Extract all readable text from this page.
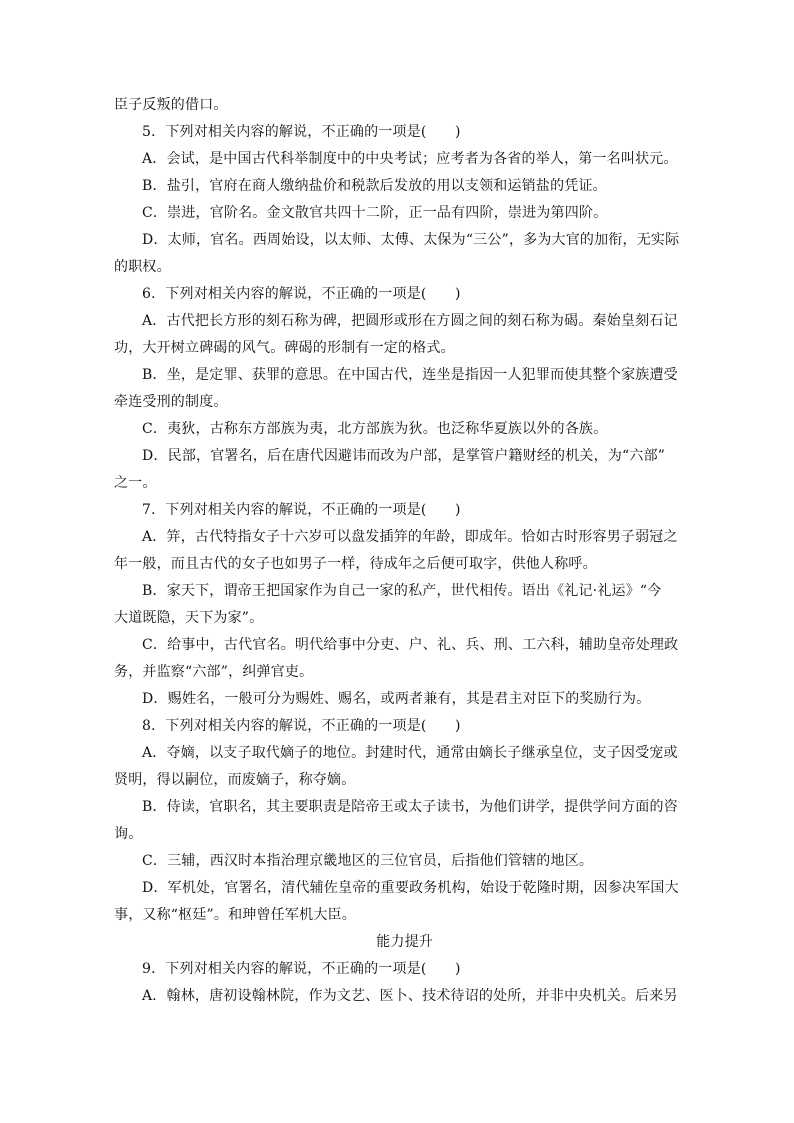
臣子反叛的借口。
5．下列对相关内容的解说，不正确的一项是(　　)
A．会试，是中国古代科举制度中的中央考试；应考者为各省的举人，第一名叫状元。
B．盐引，官府在商人缴纳盐价和税款后发放的用以支领和运销盐的凭证。
C．崇进，官阶名。金文散官共四十二阶，正一品有四阶，崇进为第四阶。
D．太师，官名。西周始设，以太师、太傅、太保为“三公”，多为大官的加衔，无实际
的职权。
6．下列对相关内容的解说，不正确的一项是(　　)
A．古代把长方形的刻石称为碑，把圆形或形在方圆之间的刻石称为碣。秦始皇刻石记
功，大开树立碑碣的风气。碑碣的形制有一定的格式。
B．坐，是定罪、获罪的意思。在中国古代，连坐是指因一人犯罪而使其整个家族遭受
牵连受刑的制度。
C．夷狄，古称东方部族为夷，北方部族为狄。也泛称华夏族以外的各族。
D．民部，官署名，后在唐代因避讳而改为户部，是掌管户籍财经的机关，为“六部”
之一。
7．下列对相关内容的解说，不正确的一项是(　　)
A．笄，古代特指女子十六岁可以盘发插笄的年龄，即成年。恰如古时形容男子弱冠之
年一般，而且古代的女子也如男子一样，待成年之后便可取字，供他人称呼。
B．家天下，谓帝王把国家作为自己一家的私产，世代相传。语出《礼记·礼运》“今
大道既隐，天下为家”。
C．给事中，古代官名。明代给事中分吏、户、礼、兵、刑、工六科，辅助皇帝处理政
务，并监察“六部”，纠弹官吏。
D．赐姓名，一般可分为赐姓、赐名，或两者兼有，其是君主对臣下的奖励行为。
8．下列对相关内容的解说，不正确的一项是(　　)
A．夺嫡，以支子取代嫡子的地位。封建时代，通常由嫡长子继承皇位，支子因受宠或
贤明，得以嗣位，而废嫡子，称夺嫡。
B．侍读，官职名，其主要职责是陪帝王或太子读书，为他们讲学，提供学问方面的咨
询。
C．三辅，西汉时本指治理京畿地区的三位官员，后指他们管辖的地区。
D．军机处，官署名，清代辅佐皇帝的重要政务机构，始设于乾隆时期，因参决军国大
事，又称“枢廷”。和珅曾任军机大臣。
能力提升
9．下列对相关内容的解说，不正确的一项是(　　)
A．翰林，唐初设翰林院，作为文艺、医卜、技术待诏的处所，并非中央机关。后来另
